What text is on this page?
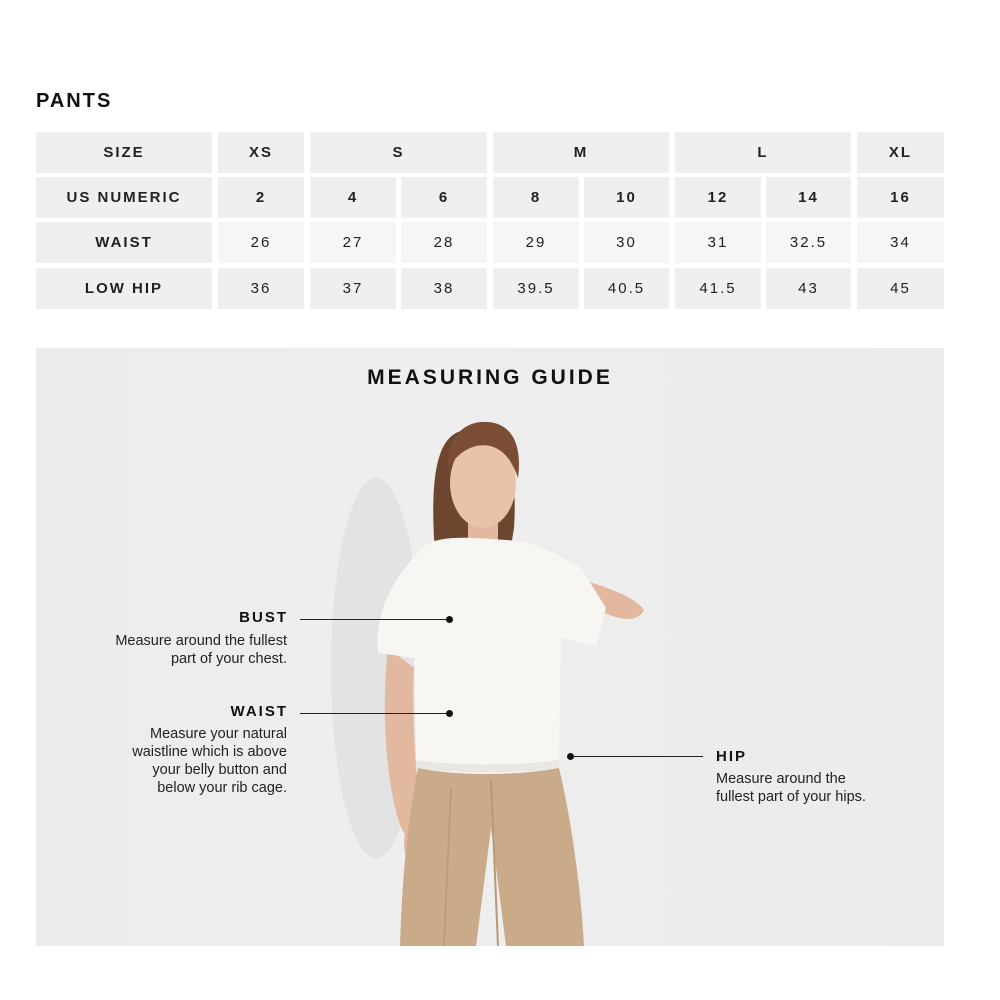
PANTS
SIZE	XS	S	M	L	XL
US NUMERIC	2	4	6	8	10	12	14	16
WAIST	26	27	28	29	30	31	32.5	34
LOW HIP	36	37	38	39.5	40.5	41.5	43	45
MEASURING GUIDE
BUST
Measure around the fullest
part of your chest.
WAIST
Measure your natural
waistline which is above
your belly button and
below your rib cage.
HIP
Measure around the
fullest part of your hips.
